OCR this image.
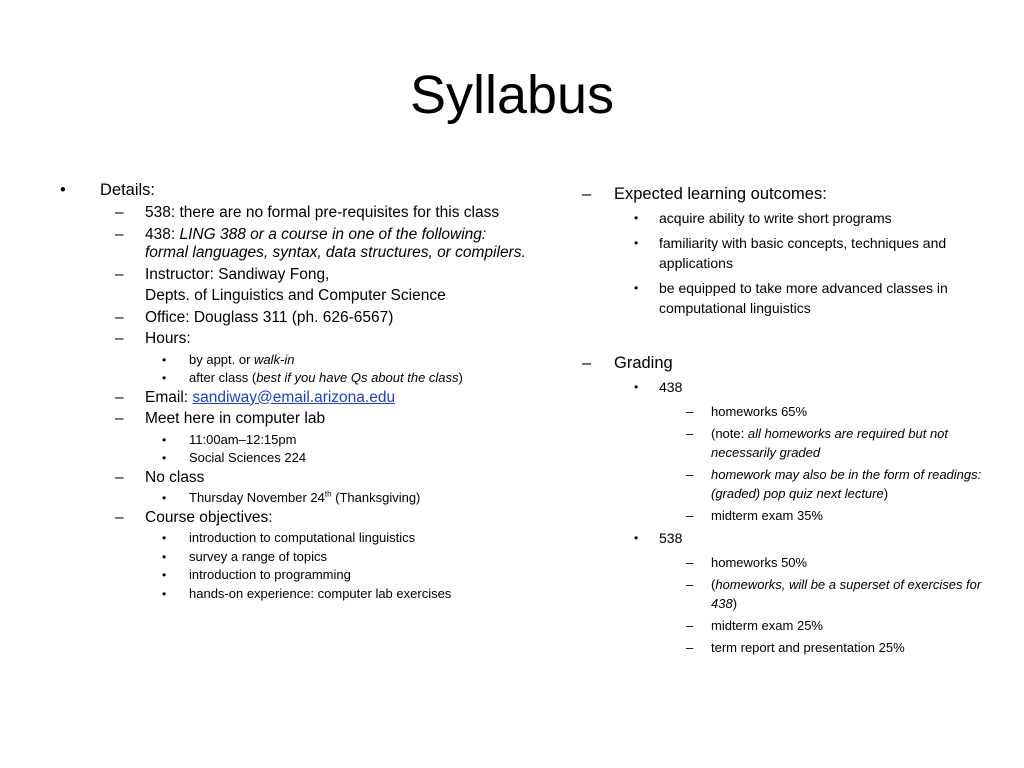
Syllabus
• Details:
– 538: there are no formal pre-requisites for this class
– 438: LING 388 or a course in one of the following: formal languages, syntax, data structures, or compilers.
– Instructor: Sandiway Fong,
Depts. of Linguistics and Computer Science
– Office: Douglass 311 (ph. 626-6567)
– Hours:
• by appt. or walk-in
• after class (best if you have Qs about the class)
– Email: sandiway@email.arizona.edu
– Meet here in computer lab
• 11:00am–12:15pm
• Social Sciences 224
– No class
• Thursday November 24th (Thanksgiving)
– Course objectives:
• introduction to computational linguistics
• survey a range of topics
• introduction to programming
• hands-on experience: computer lab exercises
– Expected learning outcomes:
• acquire ability to write short programs
• familiarity with basic concepts, techniques and applications
• be equipped to take more advanced classes in computational linguistics
– Grading
• 438
– homeworks 65%
– (note: all homeworks are required but not necessarily graded
– homework may also be in the form of readings: (graded) pop quiz next lecture)
– midterm exam 35%
• 538
– homeworks 50%
– (homeworks, will be a superset of exercises for 438)
– midterm exam 25%
– term report and presentation 25%
